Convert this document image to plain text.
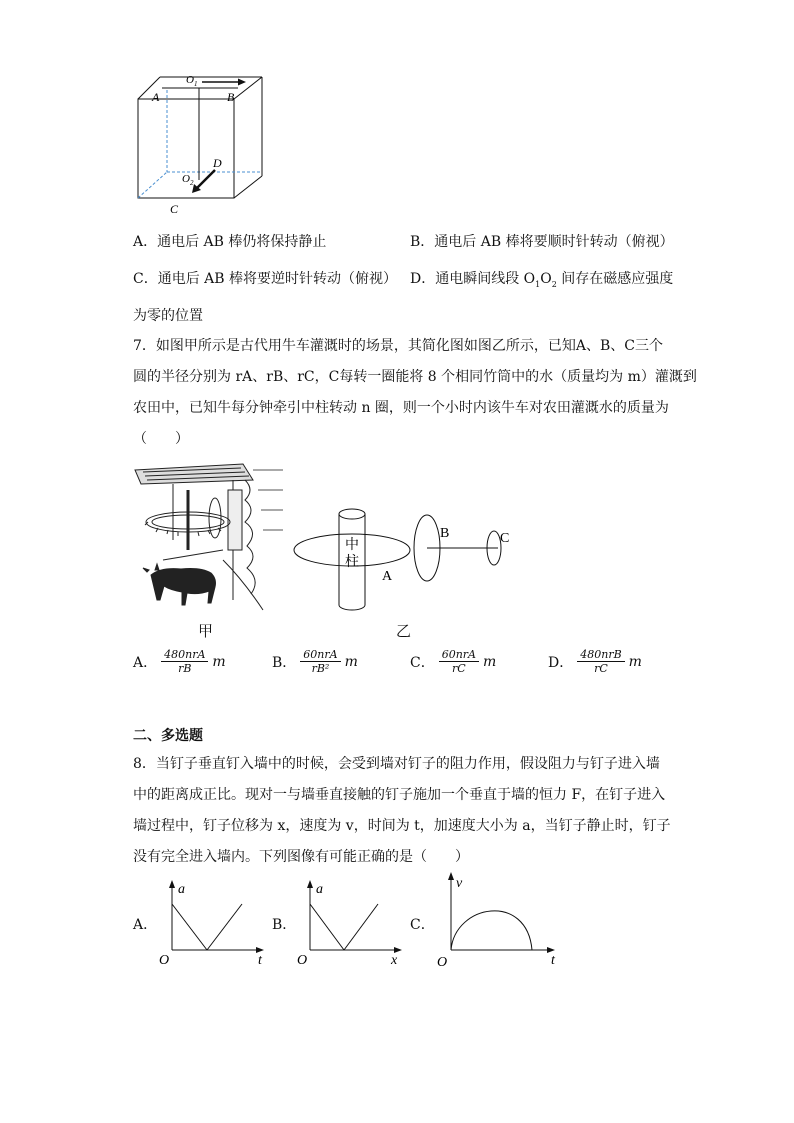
$O_1$
A	B
D
$O_2$
C
A．通电后 AB 棒仍将保持静止	B．通电后 AB 棒将要顺时针转动（俯视）
C．通电后 AB 棒将要逆时针转动（俯视） D．通电瞬间线段 $O_1O_2$ 间存在磁感应强度
为零的位置
7．如图甲所示是古代用牛车灌溉时的场景，其简化图如图乙所示，已知A、B、C三个
圆的半径分别为 rA、rB、rC，C每转一圈能将 8 个相同竹筒中的水（质量均为 m）灌溉到
农田中，已知牛每分钟牵引中柱转动 n 圈，则一个小时内该牛车对农田灌溉水的质量为
（　　）
甲
中
柱
A
B	C
乙
A． $\frac{\text{480nrA}}{rB}$ m	B． $\frac{\text{60nrA}}{\text{rB²}}$ m	C． $\frac{\text{60nrA}}{rC}$ m	D． $\frac{\text{480nrB}}{rC}$ m
二、多选题
8．当钉子垂直钉入墙中的时候，会受到墙对钉子的阻力作用，假设阻力与钉子进入墙
中的距离成正比。现对一与墙垂直接触的钉子施加一个垂直于墙的恒力 F，在钉子进入
墙过程中，钉子位移为 x，速度为 v，时间为 t，加速度大小为 a，当钉子静止时，钉子
没有完全进入墙内。下列图像有可能正确的是（　　）
A．
a
t
O
B．
a
x
O
C．
v
t
O
